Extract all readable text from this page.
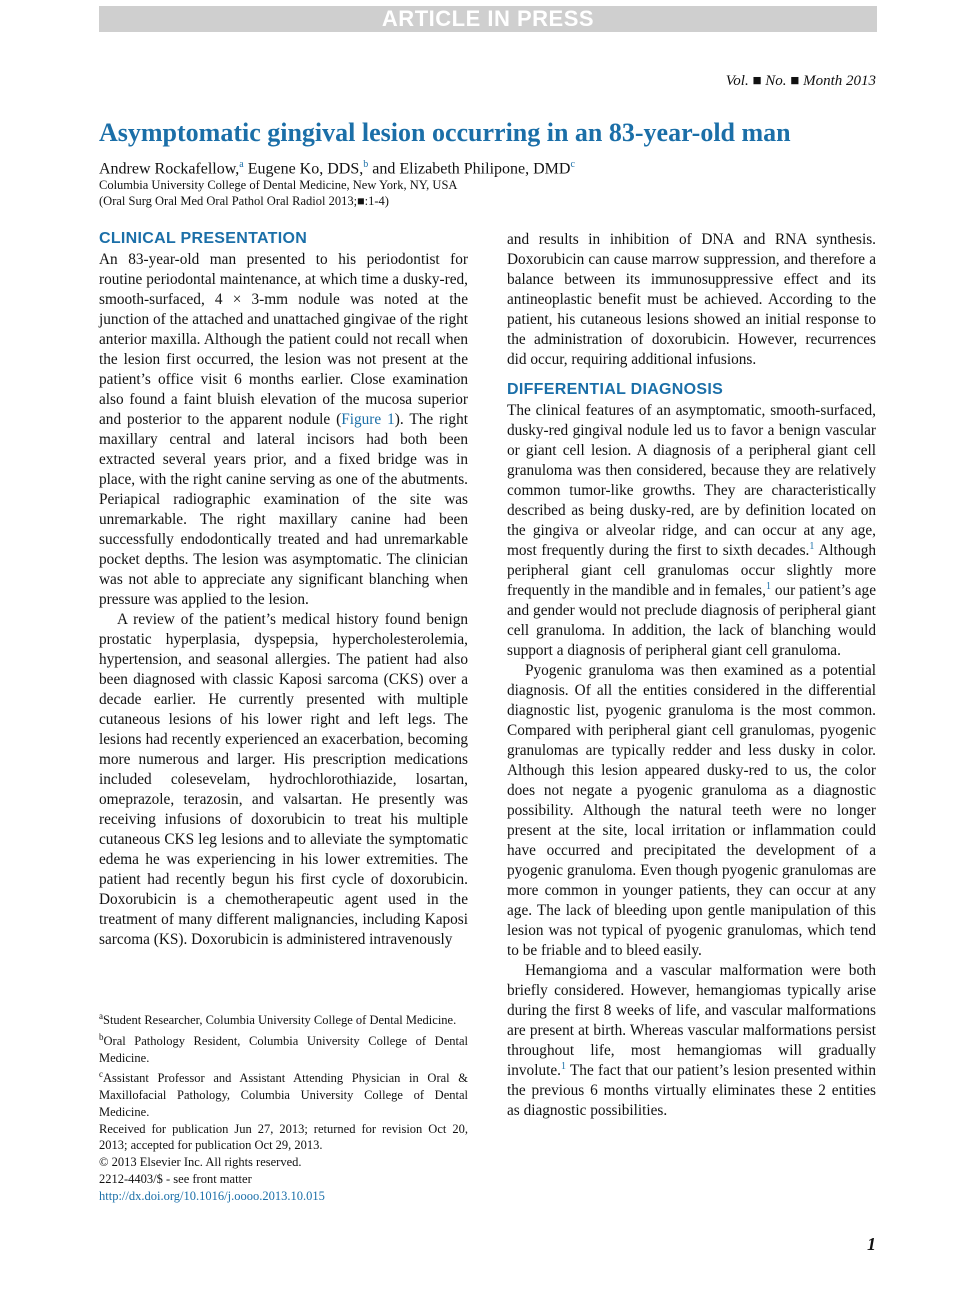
ARTICLE IN PRESS
Vol. ■ No. ■ Month 2013
Asymptomatic gingival lesion occurring in an 83-year-old man
Andrew Rockafellow,$^a$ Eugene Ko, DDS,$^b$ and Elizabeth Philipone, DMD$^c$
Columbia University College of Dental Medicine, New York, NY, USA
(Oral Surg Oral Med Oral Pathol Oral Radiol 2013;■:1-4)
CLINICAL PRESENTATION

An 83-year-old man presented to his periodontist for routine periodontal maintenance, at which time a dusky-red, smooth-surfaced, 4 × 3-mm nodule was noted at the junction of the attached and unattached gingivae of the right anterior maxilla. Although the patient could not recall when the lesion first occurred, the lesion was not present at the patient’s office visit 6 months earlier. Close examination also found a faint bluish elevation of the mucosa superior and posterior to the apparent nodule (Figure 1). The right maxillary central and lateral incisors had both been extracted several years prior, and a fixed bridge was in place, with the right canine serving as one of the abutments. Periapical radiographic examination of the site was unremarkable. The right maxillary canine had been successfully endodontically treated and had unremarkable pocket depths. The lesion was asymptomatic. The clinician was not able to appreciate any significant blanching when pressure was applied to the lesion.

A review of the patient’s medical history found benign prostatic hyperplasia, dyspepsia, hypercholesterolemia, hypertension, and seasonal allergies. The patient had also been diagnosed with classic Kaposi sarcoma (CKS) over a decade earlier. He currently presented with multiple cutaneous lesions of his lower right and left legs. The lesions had recently experienced an exacerbation, becoming more numerous and larger. His prescription medications included colesevelam, hydrochlorothiazide, losartan, omeprazole, terazosin, and valsartan. He presently was receiving infusions of doxorubicin to treat his multiple cutaneous CKS leg lesions and to alleviate the symptomatic edema he was experiencing in his lower extremities. The patient had recently begun his first cycle of doxorubicin. Doxorubicin is a chemotherapeutic agent used in the treatment of many different malignancies, including Kaposi sarcoma (KS). Doxorubicin is administered intravenously

and results in inhibition of DNA and RNA synthesis. Doxorubicin can cause marrow suppression, and therefore a balance between its immunosuppressive effect and its antineoplastic benefit must be achieved. According to the patient, his cutaneous lesions showed an initial response to the administration of doxorubicin. However, recurrences did occur, requiring additional infusions.

DIFFERENTIAL DIAGNOSIS

The clinical features of an asymptomatic, smooth-surfaced, dusky-red gingival nodule led us to favor a benign vascular or giant cell lesion. A diagnosis of a peripheral giant cell granuloma was then considered, because they are relatively common tumor-like growths. They are characteristically described as being dusky-red, are by definition located on the gingiva or alveolar ridge, and can occur at any age, most frequently during the first to sixth decades.$^1$ Although peripheral giant cell granulomas occur slightly more frequently in the mandible and in females,$^1$ our patient’s age and gender would not preclude diagnosis of peripheral giant cell granuloma. In addition, the lack of blanching would support a diagnosis of peripheral giant cell granuloma.

Pyogenic granuloma was then examined as a potential diagnosis. Of all the entities considered in the differential diagnostic list, pyogenic granuloma is the most common. Compared with peripheral giant cell granulomas, pyogenic granulomas are typically redder and less dusky in color. Although this lesion appeared dusky-red to us, the color does not negate a pyogenic granuloma as a diagnostic possibility. Although the natural teeth were no longer present at the site, local irritation or inflammation could have occurred and precipitated the development of a pyogenic granuloma. Even though pyogenic granulomas are more common in younger patients, they can occur at any age. The lack of bleeding upon gentle manipulation of this lesion was not typical of pyogenic granulomas, which tend to be friable and to bleed easily.

Hemangioma and a vascular malformation were both briefly considered. However, hemangiomas typically arise during the first 8 weeks of life, and vascular malformations are present at birth. Whereas vascular malformations persist throughout life, most hemangiomas will gradually involute.$^1$ The fact that our patient’s lesion presented within the previous 6 months virtually eliminates these 2 entities as diagnostic possibilities.

$^a$Student Researcher, Columbia University College of Dental Medicine.

$^b$Oral Pathology Resident, Columbia University College of Dental Medicine.

$^c$Assistant Professor and Assistant Attending Physician in Oral & Maxillofacial Pathology, Columbia University College of Dental Medicine.

Received for publication Jun 27, 2013; returned for revision Oct 20, 2013; accepted for publication Oct 29, 2013.

© 2013 Elsevier Inc. All rights reserved.

2212-4403/$ - see front matter

http://dx.doi.org/10.1016/j.oooo.2013.10.015

1
